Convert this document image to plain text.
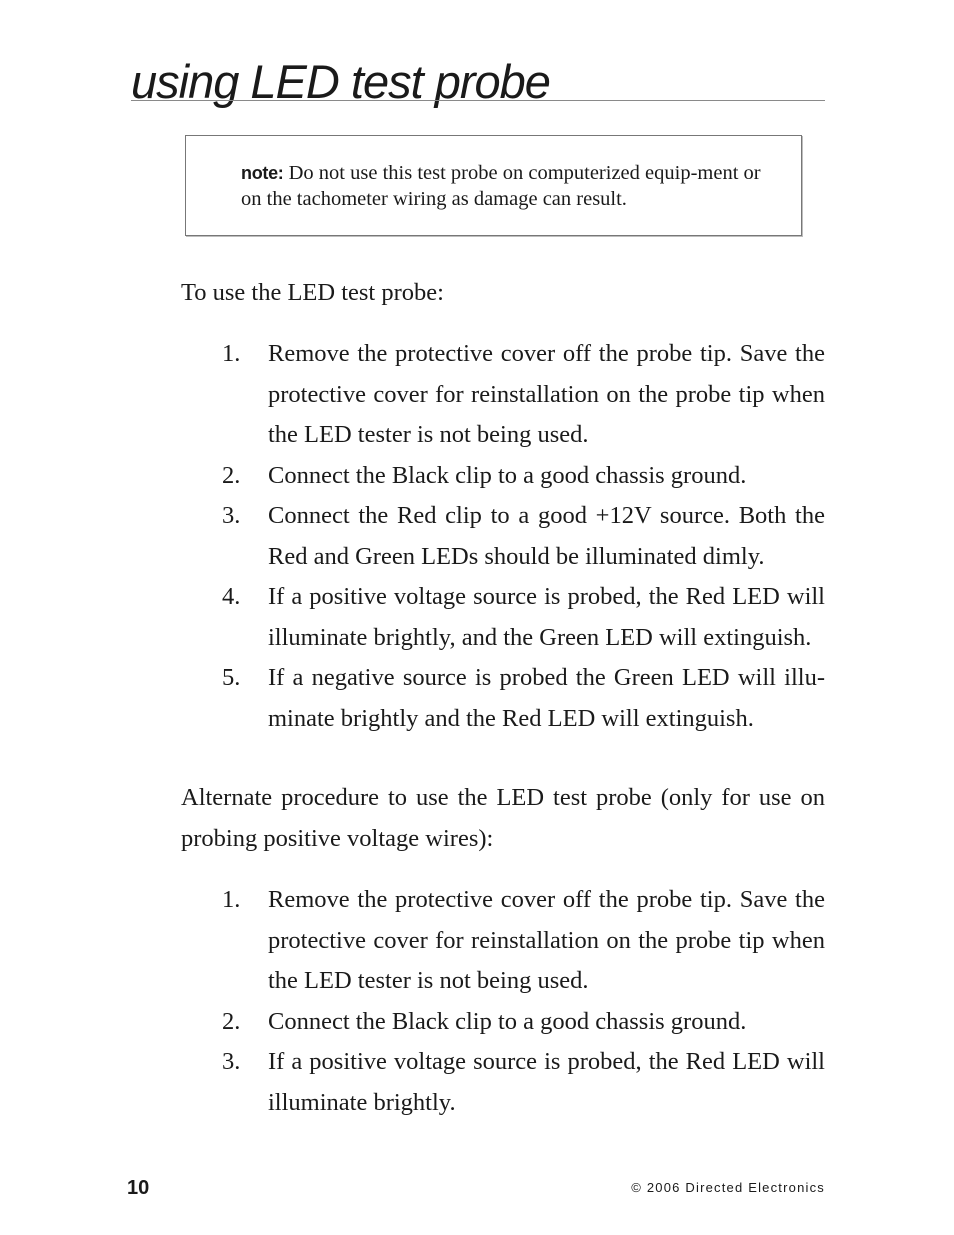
using LED test probe

note: Do not use this test probe on computerized equip-ment or on the tachometer wiring as damage can result.

To use the LED test probe:

1. Remove the protective cover off the probe tip. Save the protective cover for reinstallation on the probe tip when the LED tester is not being used.
2. Connect the Black clip to a good chassis ground.
3. Connect the Red clip to a good +12V source. Both the Red and Green LEDs should be illuminated dimly.
4. If a positive voltage source is probed, the Red LED will illuminate brightly, and the Green LED will extinguish.
5. If a negative source is probed the Green LED will illu-minate brightly and the Red LED will extinguish.

Alternate procedure to use the LED test probe (only for use on probing positive voltage wires):

1. Remove the protective cover off the probe tip. Save the protective cover for reinstallation on the probe tip when the LED tester is not being used.
2. Connect the Black clip to a good chassis ground.
3. If a positive voltage source is probed, the Red LED will illuminate brightly.
10	© 2006 Directed Electronics
